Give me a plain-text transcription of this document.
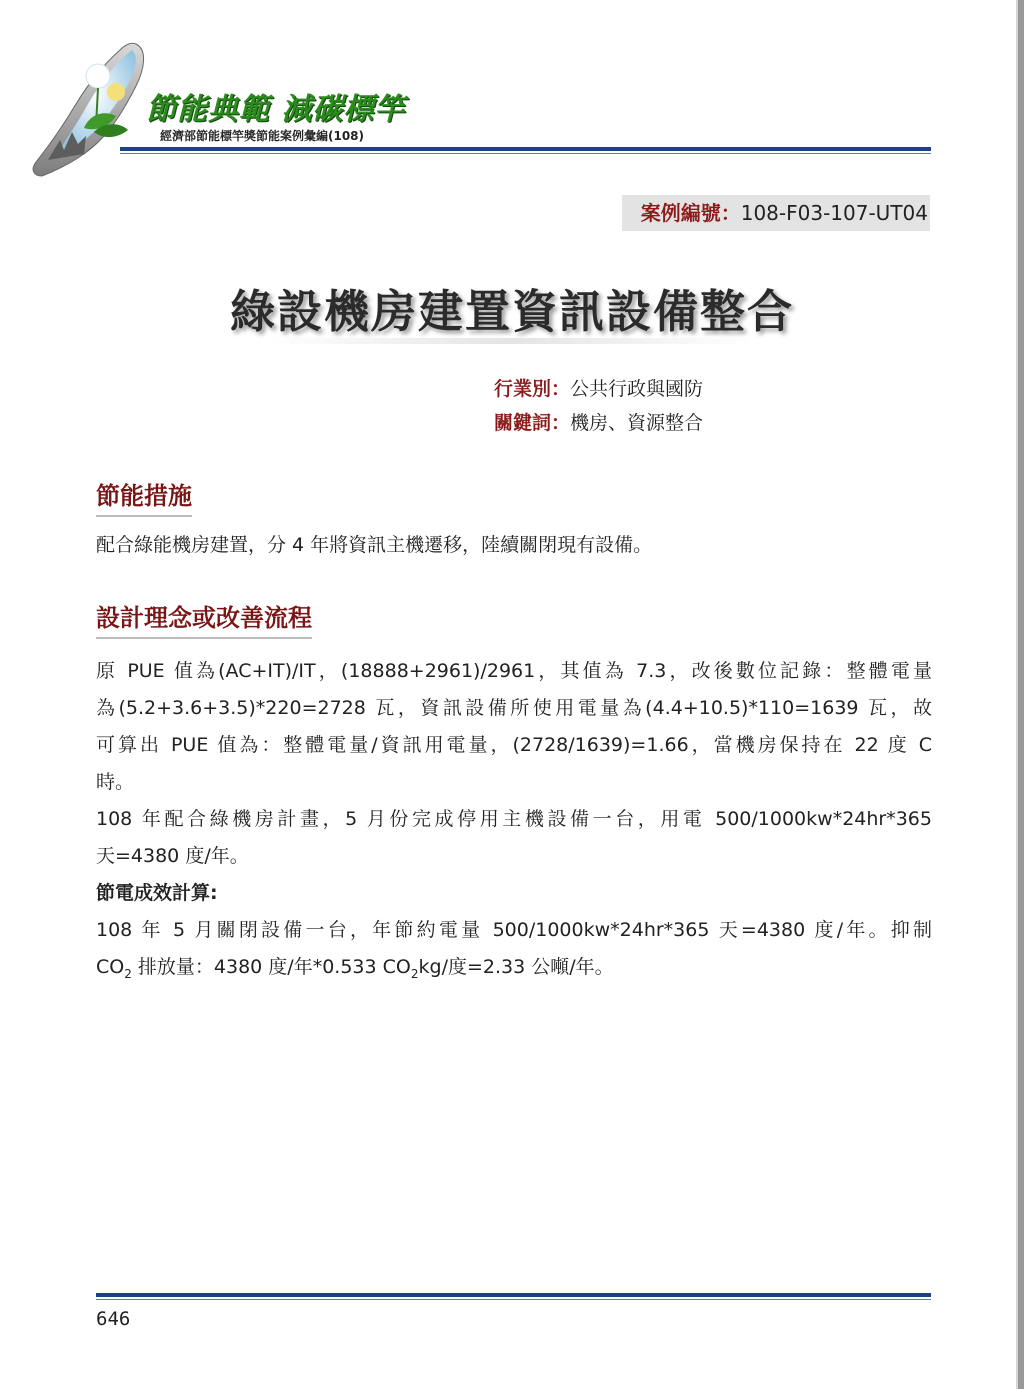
節能典範 減碳標竿
經濟部節能標竿獎節能案例彙編(108)
案例編號：108-F03-107-UT04
綠設機房建置資訊設備整合
行業別：公共行政與國防
關鍵詞：機房、資源整合
節能措施

配合綠能機房建置，分 4 年將資訊主機遷移，陸續關閉現有設備。

設計理念或改善流程

原 PUE 值為(AC+IT)/IT，(18888+2961)/2961，其值為 7.3，改後數位記錄：整體電量

為(5.2+3.6+3.5)*220=2728 瓦，資訊設備所使用電量為(4.4+10.5)*110=1639 瓦，故

可算出 PUE 值為：整體電量/資訊用電量，(2728/1639)=1.66，當機房保持在 22 度 C

時。

108 年配合綠機房計畫，5 月份完成停用主機設備一台，用電 500/1000kw*24hr*365

天=4380 度/年。

節電成效計算:

108 年 5 月關閉設備一台，年節約電量 500/1000kw*24hr*365 天=4380 度/年。抑制

$CO_2$ 排放量：4380 度/年*0.533 $CO_2kg/$度=2.33 公噸/年。

646
